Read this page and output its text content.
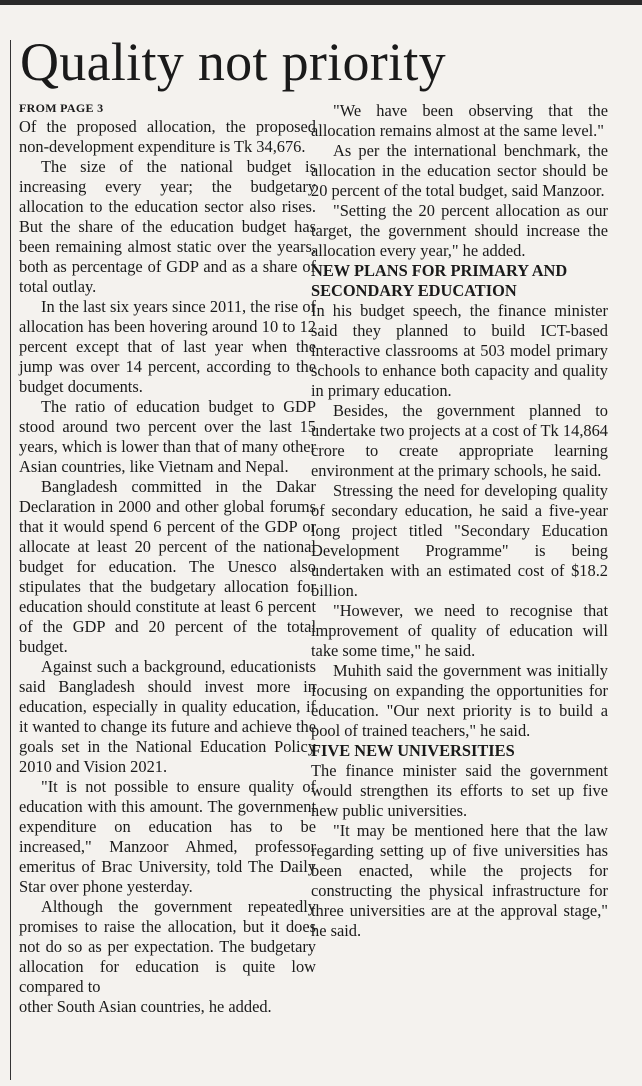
Quality not priority
FROM PAGE 3

Of the proposed allocation, the proposed non-development expenditure is Tk 34,676.

The size of the national budget is increasing every year; the budgetary allocation to the education sector also rises. But the share of the education budget has been remaining almost static over the years, both as percentage of GDP and as a share of total outlay.

In the last six years since 2011, the rise of allocation has been hovering around 10 to 12 percent except that of last year when the jump was over 14 percent, according to the budget documents.

The ratio of education budget to GDP stood around two percent over the last 15 years, which is lower than that of many other Asian countries, like Vietnam and Nepal.

Bangladesh committed in the Dakar Declaration in 2000 and other global forums that it would spend 6 percent of the GDP or allocate at least 20 percent of the national budget for education. The Unesco also stipulates that the budgetary allocation for education should constitute at least 6 percent of the GDP and 20 percent of the total budget.

Against such a background, educationists said Bangladesh should invest more in education, especially in quality education, if it wanted to change its future and achieve the goals set in the National Education Policy 2010 and Vision 2021.

"It is not possible to ensure quality of education with this amount. The government expenditure on education has to be increased," Manzoor Ahmed, professor emeritus of Brac University, told The Daily Star over phone yesterday.

Although the government repeatedly promises to raise the allocation, but it does not do so as per expectation. The budgetary allocation for education is quite low compared to

other South Asian countries, he added.

"We have been observing that the allocation remains almost at the same level."

As per the international benchmark, the allocation in the education sector should be 20 percent of the total budget, said Manzoor.

"Setting the 20 percent allocation as our target, the government should increase the allocation every year," he added.

NEW PLANS FOR PRIMARY AND SECONDARY EDUCATION

In his budget speech, the finance minister said they planned to build ICT-based interactive classrooms at 503 model primary schools to enhance both capacity and quality in primary education.

Besides, the government planned to undertake two projects at a cost of Tk 14,864 crore to create appropriate learning environment at the primary schools, he said.

Stressing the need for developing quality of secondary education, he said a five-year long project titled "Secondary Education Development Programme" is being undertaken with an estimated cost of $18.2 billion.

"However, we need to recognise that improvement of quality of education will take some time," he said.

Muhith said the government was initially focusing on expanding the opportunities for education. "Our next priority is to build a pool of trained teachers," he said.

FIVE NEW UNIVERSITIES

The finance minister said the government would strengthen its efforts to set up five new public universities.

"It may be mentioned here that the law regarding setting up of five universities has been enacted, while the projects for constructing the physical infrastructure for three universities are at the approval stage," he said.
